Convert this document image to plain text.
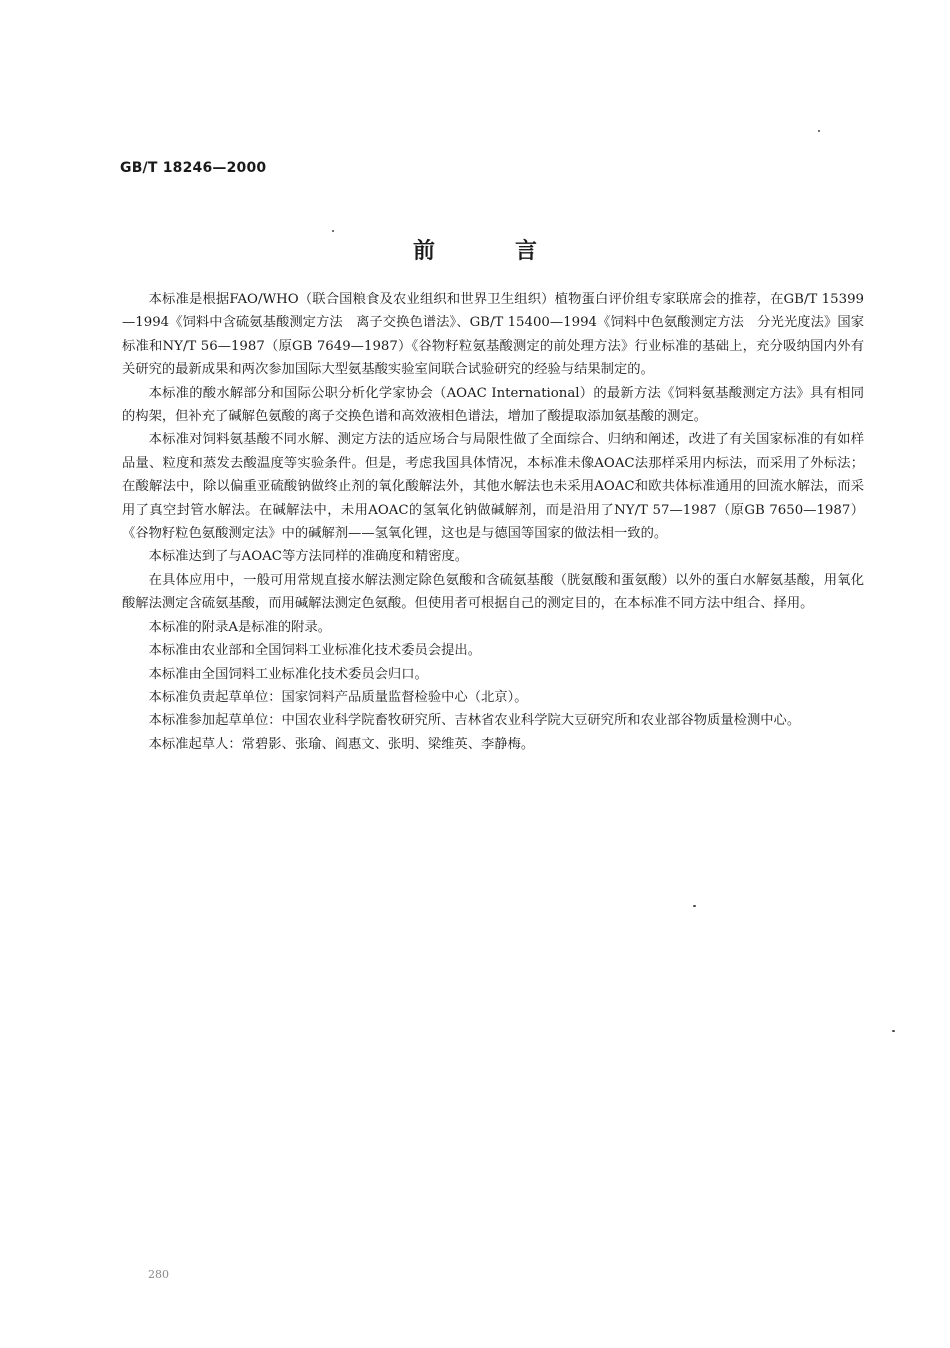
GB/T 18246—2000
前言

本标准是根据FAO/WHO（联合国粮食及农业组织和世界卫生组织）植物蛋白评价组专家联席会的推荐，在GB/T 15399—1994《饲料中含硫氨基酸测定方法　离子交换色谱法》、GB/T 15400—1994《饲料中色氨酸测定方法　分光光度法》国家标准和NY/T 56—1987（原GB 7649—1987）《谷物籽粒氨基酸测定的前处理方法》行业标准的基础上，充分吸纳国内外有关研究的最新成果和两次参加国际大型氨基酸实验室间联合试验研究的经验与结果制定的。

本标准的酸水解部分和国际公职分析化学家协会（AOAC International）的最新方法《饲料氨基酸测定方法》具有相同的构架，但补充了碱解色氨酸的离子交换色谱和高效液相色谱法，增加了酸提取添加氨基酸的测定。

本标准对饲料氨基酸不同水解、测定方法的适应场合与局限性做了全面综合、归纳和阐述，改进了有关国家标准的有如样品量、粒度和蒸发去酸温度等实验条件。但是，考虑我国具体情况，本标准未像AOAC法那样采用内标法，而采用了外标法；在酸解法中，除以偏重亚硫酸钠做终止剂的氧化酸解法外，其他水解法也未采用AOAC和欧共体标准通用的回流水解法，而采用了真空封管水解法。在碱解法中，未用AOAC的氢氧化钠做碱解剂，而是沿用了NY/T 57—1987（原GB 7650—1987）《谷物籽粒色氨酸测定法》中的碱解剂——氢氧化锂，这也是与德国等国家的做法相一致的。

本标准达到了与AOAC等方法同样的准确度和精密度。

在具体应用中，一般可用常规直接水解法测定除色氨酸和含硫氨基酸（胱氨酸和蛋氨酸）以外的蛋白水解氨基酸，用氧化酸解法测定含硫氨基酸，而用碱解法测定色氨酸。但使用者可根据自己的测定目的，在本标准不同方法中组合、择用。

本标准的附录A是标准的附录。

本标准由农业部和全国饲料工业标准化技术委员会提出。

本标准由全国饲料工业标准化技术委员会归口。

本标准负责起草单位：国家饲料产品质量监督检验中心（北京）。

本标准参加起草单位：中国农业科学院畜牧研究所、吉林省农业科学院大豆研究所和农业部谷物质量检测中心。

本标准起草人：常碧影、张瑜、阎惠文、张明、梁维英、李静梅。

280
